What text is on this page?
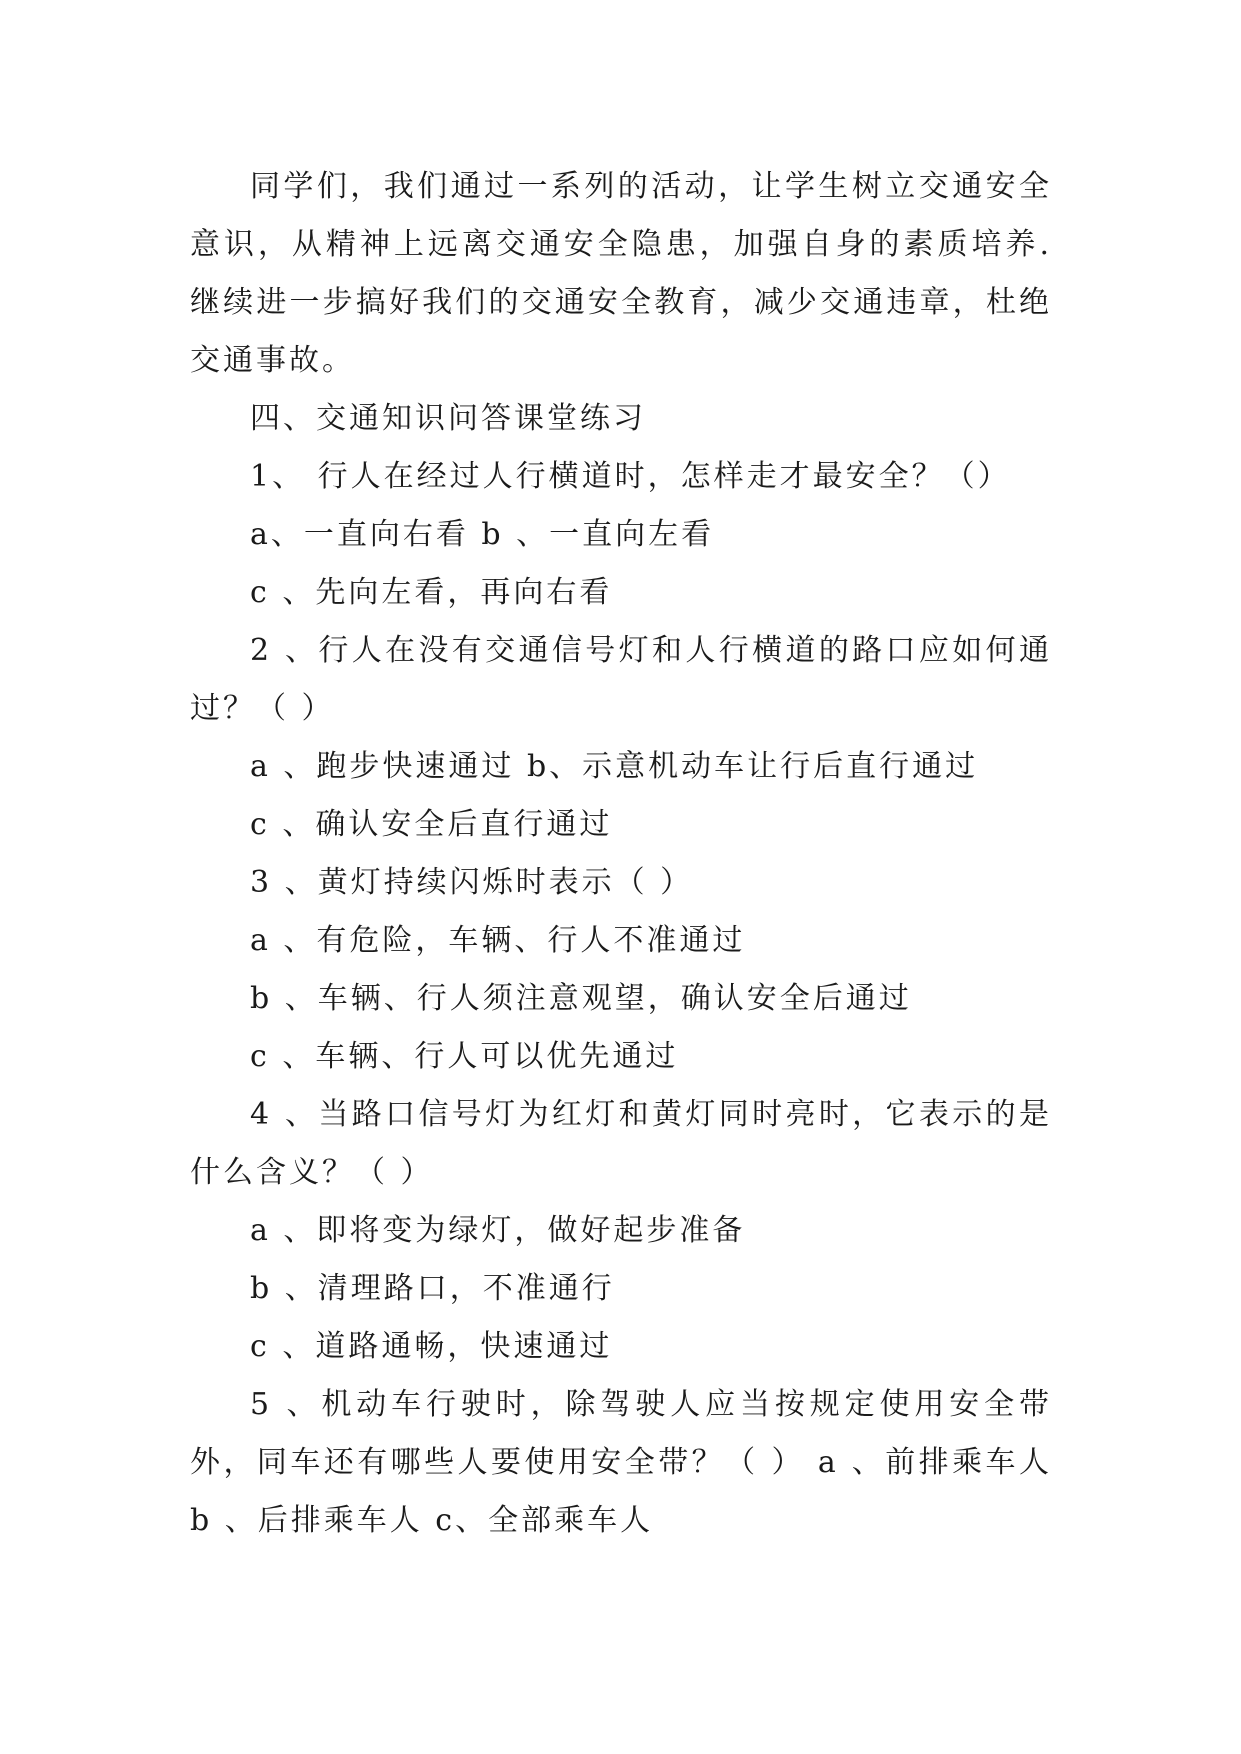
同学们，我们通过一系列的活动，让学生树立交通安全意识，从精神上远离交通安全隐患，加强自身的素质培养.继续进一步搞好我们的交通安全教育，减少交通违章，杜绝交通事故。

四、交通知识问答课堂练习

1、 行人在经过人行横道时，怎样走才最安全？（）

a、一直向右看 b 、一直向左看

c 、先向左看，再向右看

2 、行人在没有交通信号灯和人行横道的路口应如何通过？（ ）

a 、跑步快速通过 b、示意机动车让行后直行通过

c 、确认安全后直行通过

3 、黄灯持续闪烁时表示（ ）

a 、有危险，车辆、行人不准通过

b 、车辆、行人须注意观望，确认安全后通过

c 、车辆、行人可以优先通过

4 、当路口信号灯为红灯和黄灯同时亮时，它表示的是什么含义？（ ）

a 、即将变为绿灯，做好起步准备

b 、清理路口，不准通行

c 、道路通畅，快速通过

5 、机动车行驶时，除驾驶人应当按规定使用安全带外，同车还有哪些人要使用安全带？（ ） a 、前排乘车人 b 、后排乘车人 c、全部乘车人
